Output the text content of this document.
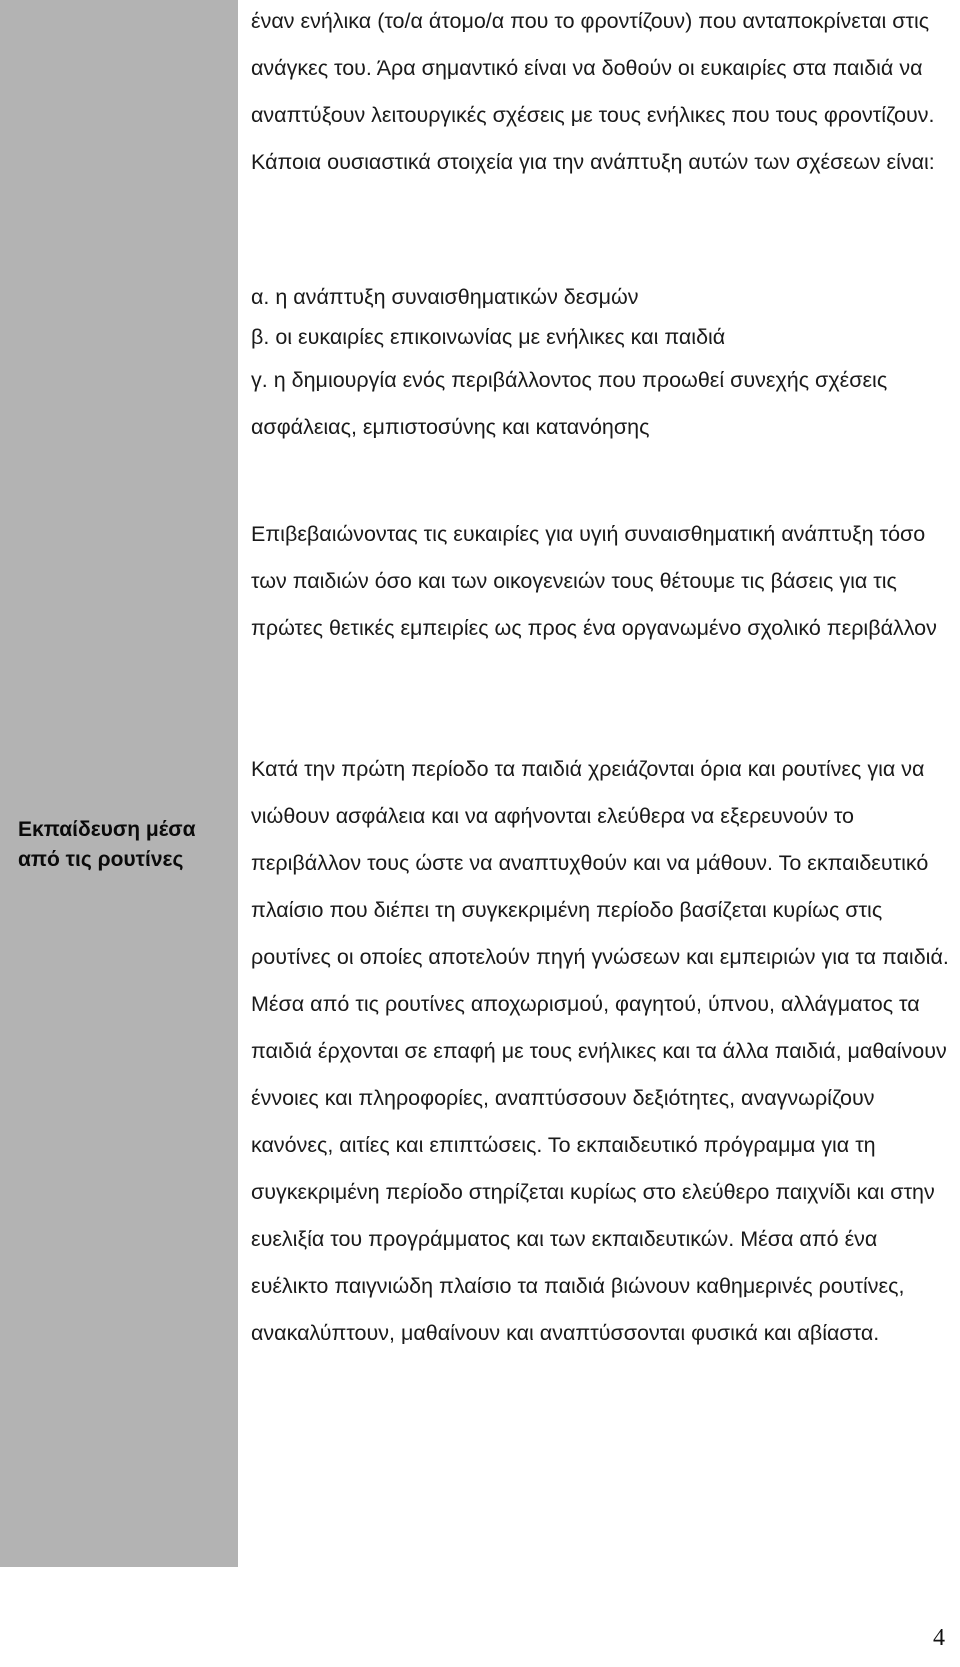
Εκπαίδευση μέσα από τις ρουτίνες

έναν ενήλικα (το/α άτομο/α που το φροντίζουν) που ανταποκρίνεται στις ανάγκες του. Άρα σημαντικό είναι να δοθούν οι ευκαιρίες στα παιδιά να αναπτύξουν λειτουργικές σχέσεις με τους ενήλικες που τους φροντίζουν. Κάποια ουσιαστικά στοιχεία για την ανάπτυξη αυτών των σχέσεων είναι:

α. η ανάπτυξη συναισθηματικών δεσμών

β. οι ευκαιρίες επικοινωνίας με ενήλικες και παιδιά

γ. η δημιουργία ενός περιβάλλοντος που προωθεί συνεχής σχέσεις ασφάλειας, εμπιστοσύνης και κατανόησης

Επιβεβαιώνοντας τις ευκαιρίες για υγιή συναισθηματική ανάπτυξη τόσο των παιδιών όσο και των οικογενειών τους θέτουμε τις βάσεις για τις πρώτες θετικές εμπειρίες ως προς ένα οργανωμένο σχολικό περιβάλλον

Κατά την πρώτη περίοδο τα παιδιά χρειάζονται όρια και ρουτίνες για να νιώθουν ασφάλεια και να αφήνονται ελεύθερα να εξερευνούν το περιβάλλον τους ώστε να αναπτυχθούν και να μάθουν. Το εκπαιδευτικό πλαίσιο που διέπει τη συγκεκριμένη περίοδο βασίζεται κυρίως στις ρουτίνες οι οποίες αποτελούν πηγή γνώσεων και εμπειριών για τα παιδιά. Μέσα από τις ρουτίνες αποχωρισμού, φαγητού, ύπνου, αλλάγματος τα παιδιά έρχονται σε επαφή με τους ενήλικες και τα άλλα παιδιά, μαθαίνουν έννοιες και πληροφορίες, αναπτύσσουν δεξιότητες, αναγνωρίζουν κανόνες, αιτίες και επιπτώσεις. Το εκπαιδευτικό πρόγραμμα για τη συγκεκριμένη περίοδο στηρίζεται κυρίως στο ελεύθερο παιχνίδι και στην ευελιξία του προγράμματος και των εκπαιδευτικών. Μέσα από ένα ευέλικτο παιγνιώδη πλαίσιο τα παιδιά βιώνουν καθημερινές ρουτίνες, ανακαλύπτουν, μαθαίνουν και αναπτύσσονται φυσικά και αβίαστα.

4
